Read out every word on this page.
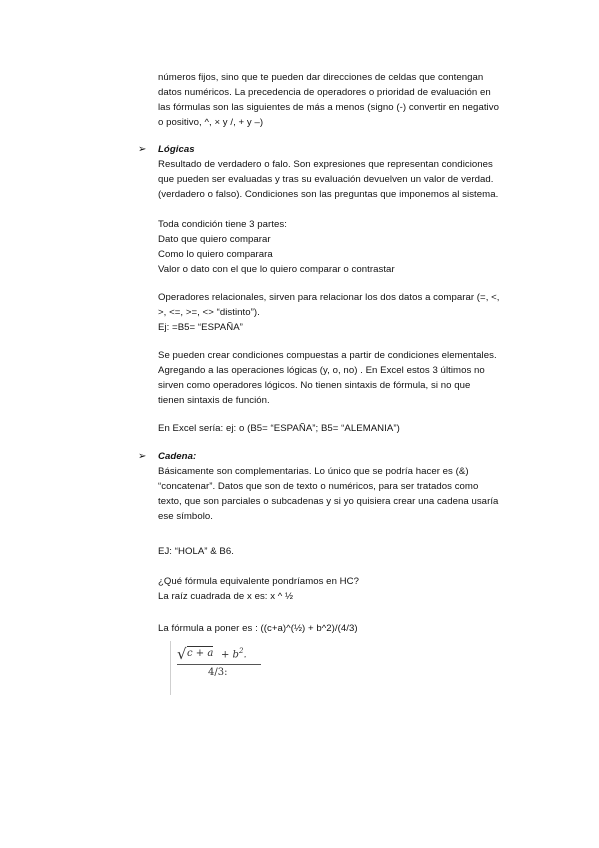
números fijos, sino que te pueden dar direcciones de celdas que contengan
datos numéricos. La precedencia de operadores o prioridad de evaluación en
las fórmulas son las siguientes de más a menos (signo (-) convertir en negativo
o positivo, ^, × y /, + y –)
➢ Lógicas
Resultado de verdadero o falo. Son expresiones que representan condiciones
que pueden ser evaluadas y tras su evaluación devuelven un valor de verdad.
(verdadero o falso). Condiciones son las preguntas que imponemos al sistema.
Toda condición tiene 3 partes:
Dato que quiero comparar
Como lo quiero comparara
Valor o dato con el que lo quiero comparar o contrastar
Operadores relacionales, sirven para relacionar los dos datos a comparar (=, <,
>, <=, >=, <> “distinto”).
Ej: =B5= “ESPAÑA”
Se pueden crear condiciones compuestas a partir de condiciones elementales.
Agregando a las operaciones lógicas (y, o, no) . En Excel estos 3 últimos no
sirven como operadores lógicos. No tienen sintaxis de fórmula, si no que
tienen sintaxis de función.
En Excel sería: ej: o (B5= “ESPAÑA”; B5= “ALEMANIA”)
➢ Cadena:
Básicamente son complementarias. Lo único que se podría hacer es (&)
“concatenar”. Datos que son de texto o numéricos, para ser tratados como
texto, que son parciales o subcadenas y si yo quisiera crear una cadena usaría
ese símbolo.
EJ: “HOLA” & B6.
¿Qué fórmula equivalente pondríamos en HC?
La raíz cuadrada de x es: x ^ ½
La fórmula a poner es : ((c+a)^(½) + b^2)/(4/3)
√ $c + a + b^2$.
4/3:
